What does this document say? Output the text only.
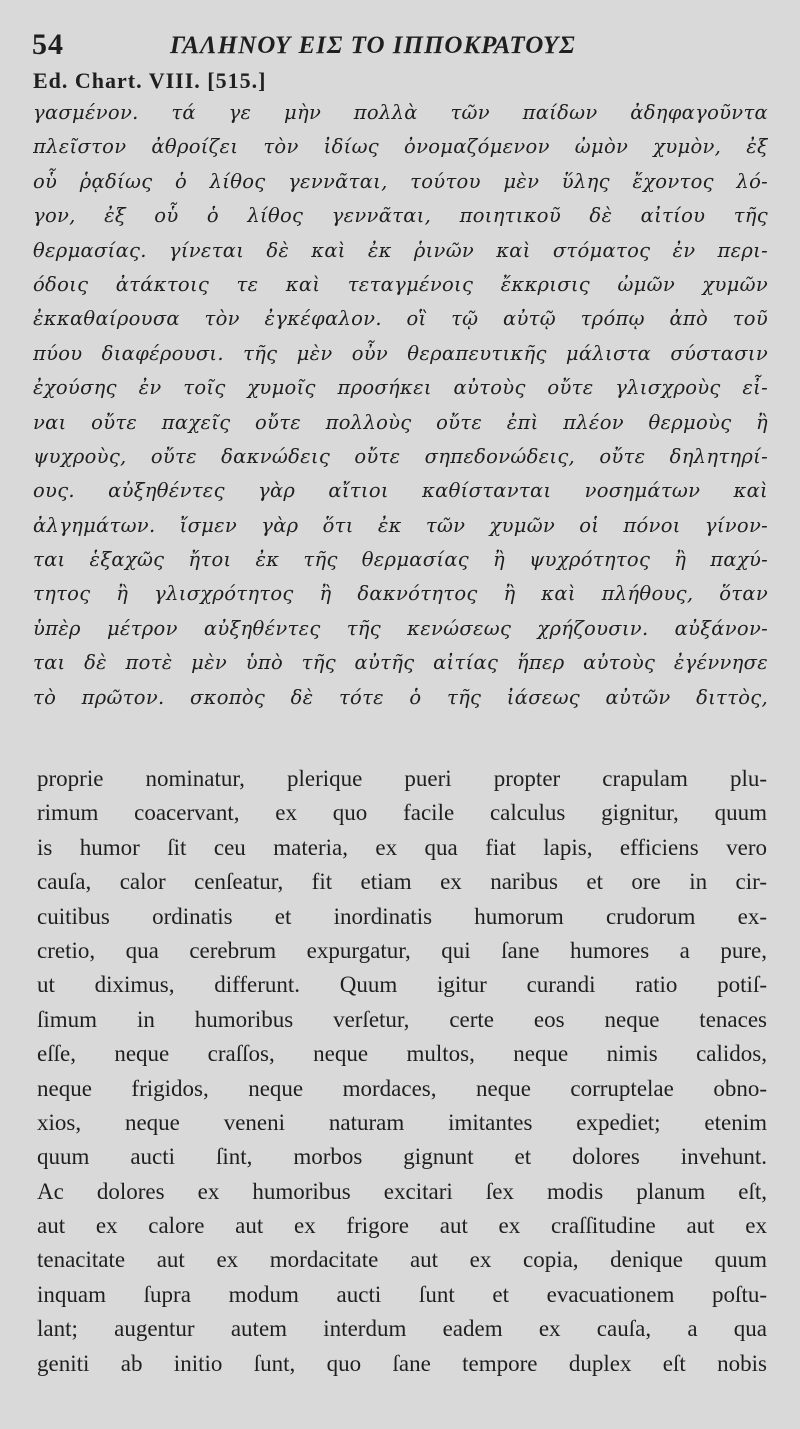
54	ΓΑΛΗΝΟΥ ΕΙΣ ΤΟ ΙΠΠΟΚΡΑΤΟΥΣ
Ed. Chart. VIII. [515.]
γασμένον. τά γε μὴν πολλὰ τῶν παίδων ἀδηφαγοῦντα
πλεῖστον ἀθροίζει τὸν ἰδίως ὀνομαζόμενον ὠμὸν χυμὸν, ἐξ
οὗ ῥᾳδίως ὁ λίθος γεννᾶται, τούτου μὲν ὕλης ἔχοντος λό-
γον, ἐξ οὗ ὁ λίθος γεννᾶται, ποιητικοῦ δὲ αἰτίου τῆς
θερμασίας. γίνεται δὲ καὶ ἐκ ῥινῶν καὶ στόματος ἐν περι-
όδοις ἀτάκτοις τε καὶ τεταγμένοις ἔκκρισις ὠμῶν χυμῶν
ἐκκαθαίρουσα τὸν ἐγκέφαλον. οἳ τῷ αὐτῷ τρόπῳ ἀπὸ τοῦ
πύου διαφέρουσι. τῆς μὲν οὖν θεραπευτικῆς μάλιστα σύστασιν
ἐχούσης ἐν τοῖς χυμοῖς προσήκει αὐτοὺς οὔτε γλισχροὺς εἶ-
ναι οὔτε παχεῖς οὔτε πολλοὺς οὔτε ἐπὶ πλέον θερμοὺς ἢ
ψυχροὺς, οὔτε δακνώδεις οὔτε σηπεδονώδεις, οὔτε δηλητηρί-
ους. αὐξηθέντες γὰρ αἴτιοι καθίστανται νοσημάτων καὶ
ἀλγημάτων. ἴσμεν γὰρ ὅτι ἐκ τῶν χυμῶν οἱ πόνοι γίνον-
ται ἑξαχῶς ἤτοι ἐκ τῆς θερμασίας ἢ ψυχρότητος ἢ παχύ-
τητος ἢ γλισχρότητος ἢ δακνότητος ἢ καὶ πλήθους, ὅταν
ὑπὲρ μέτρον αὐξηθέντες τῆς κενώσεως χρήζουσιν. αὐξάνον-
ται δὲ ποτὲ μὲν ὑπὸ τῆς αὐτῆς αἰτίας ἥπερ αὐτοὺς ἐγέννησε
τὸ πρῶτον. σκοπὸς δὲ τότε ὁ τῆς ἰάσεως αὐτῶν διττὸς,
proprie nominatur, plerique pueri propter crapulam plu-
rimum coacervant, ex quo facile calculus gignitur, quum
is humor ſit ceu materia, ex qua fiat lapis, efficiens vero
cauſa, calor cenſeatur, fit etiam ex naribus et ore in cir-
cuitibus ordinatis et inordinatis humorum crudorum ex-
cretio, qua cerebrum expurgatur, qui ſane humores a pure,
ut diximus, differunt. Quum igitur curandi ratio potiſ-
ſimum in humoribus verſetur, certe eos neque tenaces
eſſe, neque craſſos, neque multos, neque nimis calidos,
neque frigidos, neque mordaces, neque corruptelae obno-
xios, neque veneni naturam imitantes expediet; etenim
quum aucti ſint, morbos gignunt et dolores invehunt.
Ac dolores ex humoribus excitari ſex modis planum eſt,
aut ex calore aut ex frigore aut ex craſſitudine aut ex
tenacitate aut ex mordacitate aut ex copia, denique quum
inquam ſupra modum aucti ſunt et evacuationem poſtu-
lant; augentur autem interdum eadem ex cauſa, a qua
geniti ab initio ſunt, quo ſane tempore duplex eſt nobis
